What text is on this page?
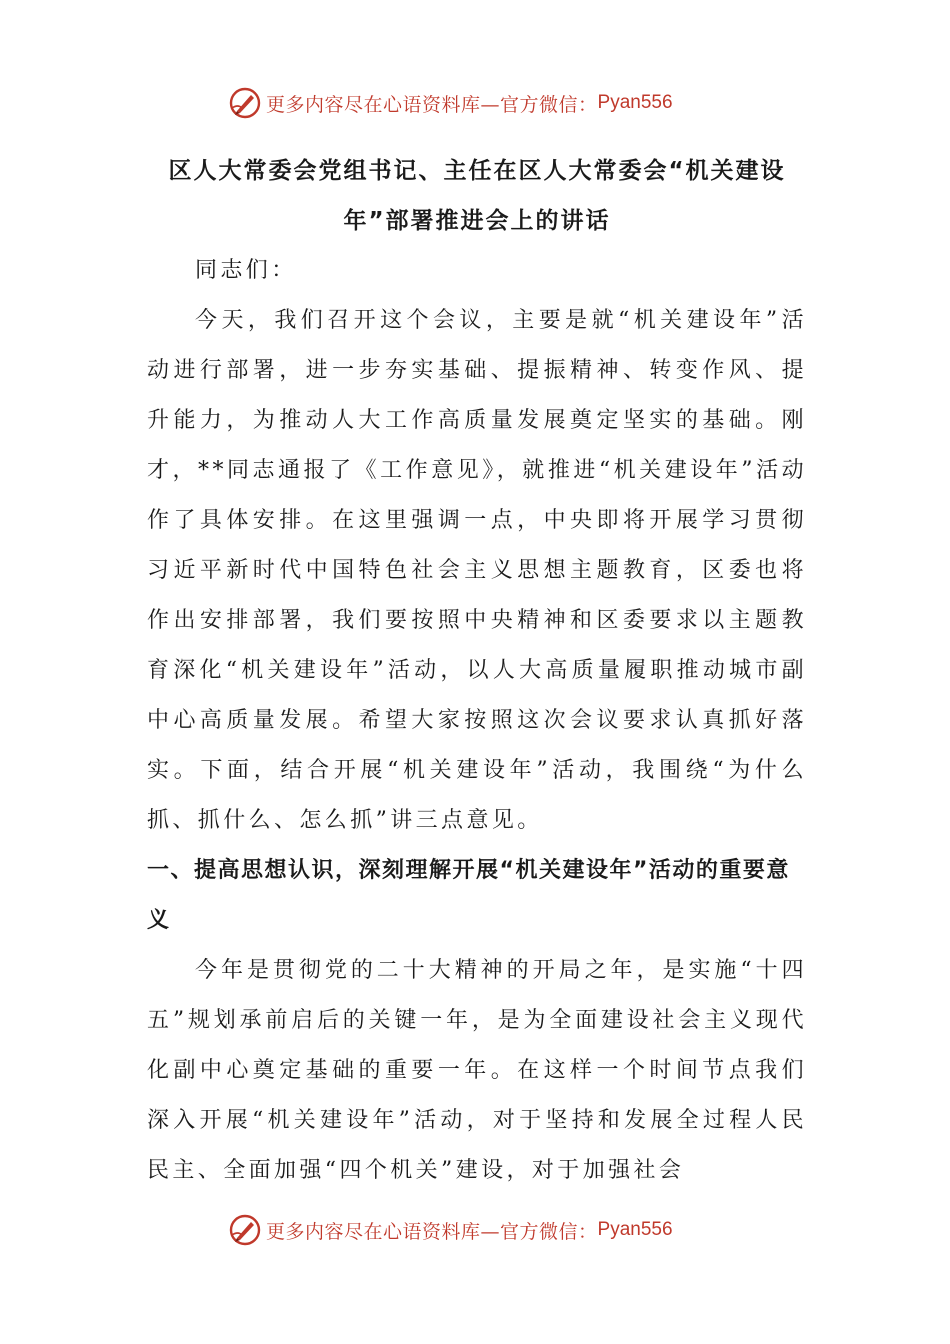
更多内容尽在心语资料库—官方微信： Pyan556
区人大常委会党组书记、主任在区人大常委会“机关建设
年”部署推进会上的讲话

同志们：

今天，我们召开这个会议，主要是就“机关建设年”活动进行部署，进一步夯实基础、提振精神、转变作风、提升能力，为推动人大工作高质量发展奠定坚实的基础。刚才，**同志通报了《工作意见》，就推进“机关建设年”活动作了具体安排。在这里强调一点，中央即将开展学习贯彻习近平新时代中国特色社会主义思想主题教育，区委也将作出安排部署，我们要按照中央精神和区委要求以主题教育深化“机关建设年”活动，以人大高质量履职推动城市副中心高质量发展。希望大家按照这次会议要求认真抓好落实。下面，结合开展“机关建设年”活动，我围绕“为什么抓、抓什么、怎么抓”讲三点意见。

一、提高思想认识，深刻理解开展“机关建设年”活动的重要意义

今年是贯彻党的二十大精神的开局之年，是实施“十四五”规划承前启后的关键一年，是为全面建设社会主义现代化副中心奠定基础的重要一年。在这样一个时间节点我们深入开展“机关建设年”活动，对于坚持和发展全过程人民民主、全面加强“四个机关”建设，对于加强社会

更多内容尽在心语资料库—官方微信： Pyan556
